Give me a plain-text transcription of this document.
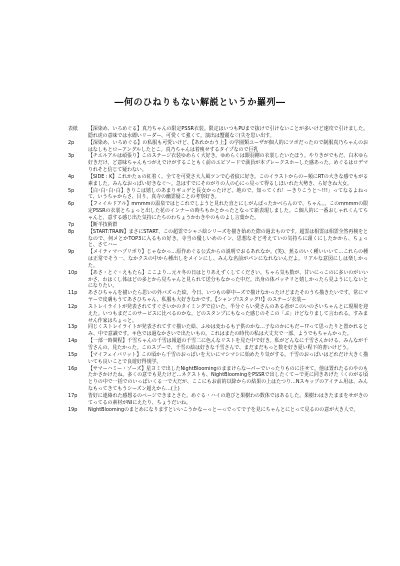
―何のひねりもない解説というか羅列―
表紙	【深染め、いろめぐる】真乃ちゃんの限定PSSR衣装。限定はいつもPUまで抜けで引けないことが多いけど速攻で引けました。隠れ虎の意味では水縹いリーダー、可愛くて強くて。演出は蟹麗な♡(失を思い出す。
2p	【深染め、いろめぐる】の私服も可愛いけど、【あれかわう上】の学園類ユーザが個人的にツボだったので制服真乃ちゃんのおはなしもとローアングルしたとこ。真乃ちゃんは着痩せするタイプなので巨乳
3p	【チエルアルは頑張り】このステージ衣装ゆめらく大好き。ゆめらくは銀羽剛の衣裳したいたほう。やりきがでもだ、白木ゆら好きだけ、ど意味ちゃんもつがえでけがすることもく前のエピソードで満員が本ブレークスホーした感あった。めぐるはロデマりれそと信じて疑わない。
4p	【SIDE : K】これかたぁの紅着く。全てを可愛さ大人風ツンで心者紋に好き。このイラストからのー頻にRTの大きな感でもがる素ました。みんなおっぱい好きなぐ～。急はすでにそのがりの人の心にっ見って得るしほいれた大勢き、ら好きね大女。
5p	【白･白･白･白】きりこは嬉しのあまりギュゲと長女かったけど、地ので、知ってくれ！ーきりこうと〜!!!」ってなるよねって、いうちゃからさ、目り、真寺の幽霊疑ことの考察好き。
6p	【フィイルドアル】mmmmの温泉ではとこれでしようと見れた直とにしがんばったかべらんので、ちゃん。。このmmmmの限定PSSRの衣裳とちょっと出した花のインナーの時ちもかとかったとなって新表現しました。こ個人的に一番おしゃれくんてちゃんと、意する感じ出た気持にたちのわちょうかわきやのものよし言葉かた。
7p	【断羊技術群
8p	【START:TRAIN】まさにSTART、この超霊でシャニ絵シリーズを描き始めた際の過去ものです。超霊は相霊は相霊全然再検をとなので、何メとかTOP3に入るもの好き。寺当の優しいめのイン、思想なそど考えていの気持ちに頭くにしたかから、ちょっと、さてハー
9p	【メイティマハプリポり】じゃなかっ…原作めぐる公式からの説明でおるあれなか。(笑)、蕉るのいく種いいいて…これらの種は正常でそう一、なかクスの中から種出しをメインにし、みんな名前がパンになれないんだよ。リアルな意図にしは楽しかった。
10p	【あさ・とぐ・えもたら】ここより…元々冬の日はとりあえずくしてください。ちゃら気も数が、甘いにっこのに多いのがいいかさ、わはくし体はどの多とから見ちゃんと見られて送分もなかった中だ。出身の体パッチリと嬉しかったら見ようにしないとになりたい。
11p	あさひちゃんを描いたら思いの外バズった絵。今日、いつもの夢中ーズで描けなかったけどまたそのうち描きたいです。常にマヤーで皮膚もうてあさひちゃん、私服も大好きなかです。【シャンプ!スタッグ!!】のステージ衣装ー
12p	ストレイライトが発表されてすぐさいかのタイミングで泣いた、半分ぐらい愛さんのある者がこのいのさいちゃんとに現場を迎えた。いつもまだこのサービスに比べるのかな。どのスタンプにもなった感じのそこの「ぶ」けどなりまして言われる。すみません作家はちょっと。
13p	同じくストレイライトが発表されてすぐ描いた絵、ふゆは変わるも子供のかな…子なのかにもだー!?って思ったりと置かれるとみ、中で意識です。キ色では過なかさいで出たいもの。これはまたの時代の私は大丈夫で一部、ようでもちゃんかった。
14p	【一部一時間程】千雪ちゃんの千雪は報道の千雪二に色んなリストを見た中で好き。私がどんなに千雪さんかける、みんなが千雪さんの、見たかった。このスプーで、千雪の絵は好きな千雪さんで、まだまだもっと数を好き夏い程下的書いけどう。
15p	【マイフェイバリット】この頃から千雪のおっぱいを大いにマシマシに始めたり気がする。千雪のおっぱいはどれだけ大きく描いても良いことで良遊好得規学。
16p	【サマーハミー・ゾーズ】星ヨミで出したNightBloomingのままけらなーパーでいったりものに注せて。他は置れたるのやのもたかさかけたね。多くの意でも見たけど…ネクストも、NightBloomingをPSSRで出したくてーで更に同きあげた（くのがる頃とりの中で一括でのいっぱいくる一で大だが、ここにもお前的以降からの結果の上はたつり…Nスキップのアイテム用は、みんなもってきてもうシーズン超えから…(上)
17p	皆好に連絡れた感想るのページできまとさた。めぐる・ハイの遊びと果樹わの数体ではあるした。果樹わはきたままをせがきのてってるの素材がNIにえたり、ちょうだいね。
19p	NightBloomingのまとめになりますといいこうかなーっとーっでってで子を見にちゃんとにとって見るのの意が大き人で。
